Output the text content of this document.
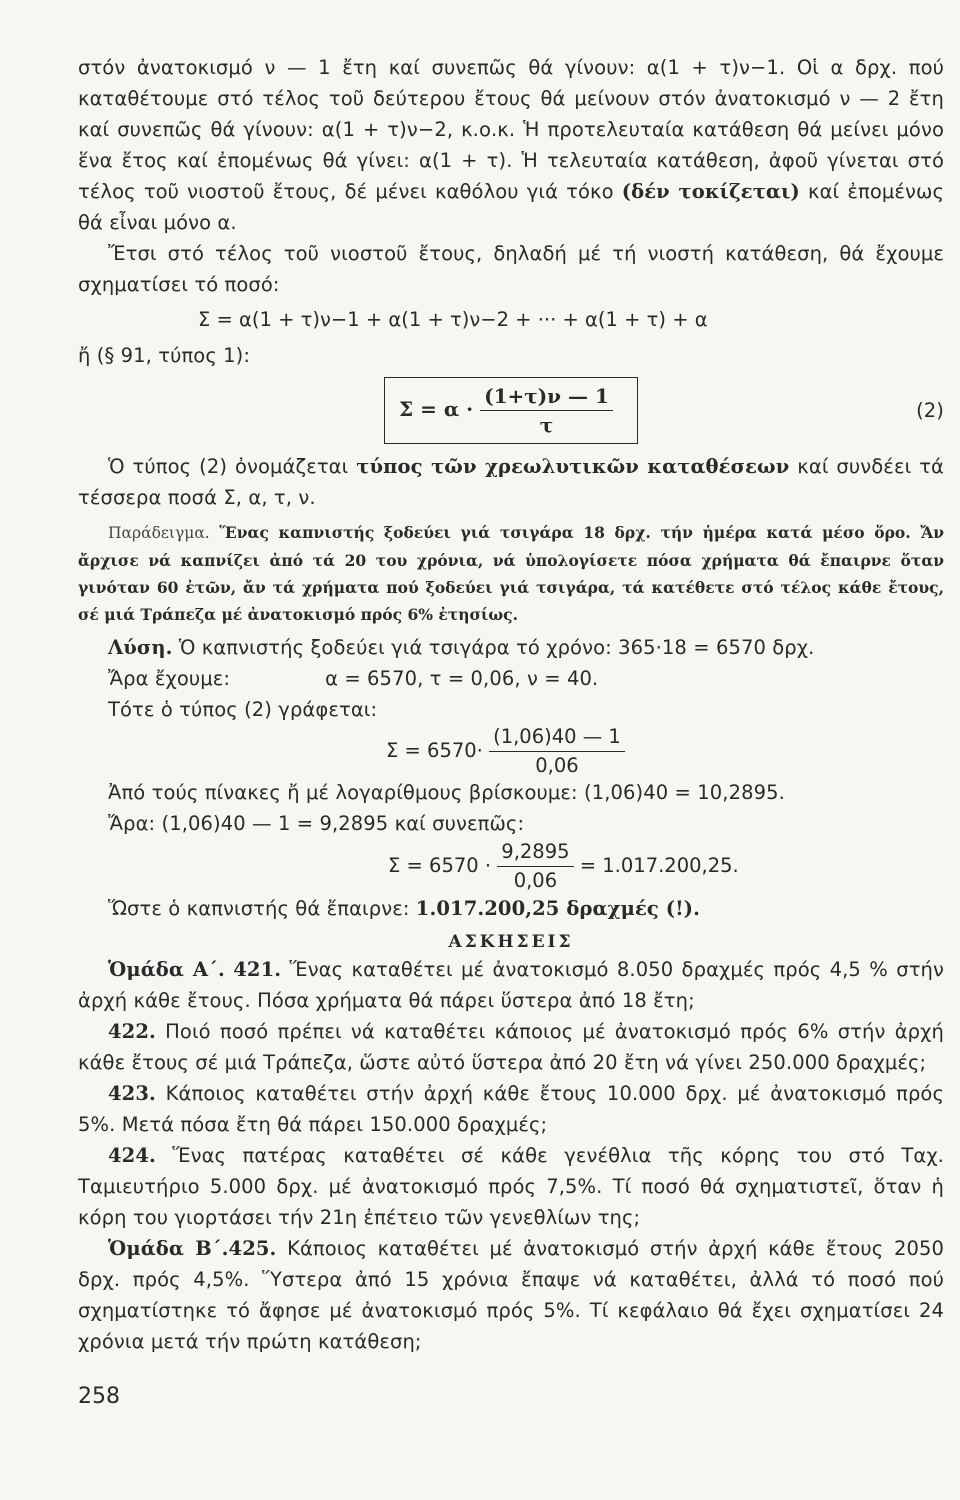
στόν ἀνατοκισμό ν — 1 ἔτη καί συνεπῶς θά γίνουν: α(1 + τ)ν−1. Οἱ α δρχ. πού καταθέτουμε στό τέλος τοῦ δεύτερου ἔτους θά μείνουν στόν ἀνατοκισμό ν — 2 ἔτη καί συνεπῶς θά γίνουν: α(1 + τ)ν−2, κ.ο.κ. Ἡ προτελευταία κατάθεση θά μείνει μόνο ἕνα ἔτος καί ἐπομένως θά γίνει: α(1 + τ). Ἡ τελευταία κατάθεση, ἀφοῦ γίνεται στό τέλος τοῦ νιοστοῦ ἔτους, δέ μένει καθόλου γιά τόκο (δέν τοκίζεται) καί ἐπομένως θά εἶναι μόνο α.

Ἔτσι στό τέλος τοῦ νιοστοῦ ἔτους, δηλαδή μέ τή νιοστή κατάθεση, θά ἔχουμε σχηματίσει τό ποσό:

Σ = α(1 + τ)ν−1 + α(1 + τ)ν−2 + ··· + α(1 + τ) + α

ἤ (§ 91, τύπος 1):

$\Sigma = \alpha \cdot \frac{(1+\tau)\nu — 1}{\tau}$	(2)

Ὁ τύπος (2) ὀνομάζεται τύπος τῶν χρεωλυτικῶν καταθέσεων καί συνδέει τά τέσσερα ποσά Σ, α, τ, ν.

Παράδειγμα. Ἕνας καπνιστής ξοδεύει γιά τσιγάρα 18 δρχ. τήν ἡμέρα κατά μέσο ὅρο. Ἄν ἄρχισε νά καπνίζει ἀπό τά 20 του χρόνια, νά ὑπολογίσετε πόσα χρήματα θά ἔπαιρνε ὅταν γινόταν 60 ἐτῶν, ἄν τά χρήματα πού ξοδεύει γιά τσιγάρα, τά κατέθετε στό τέλος κάθε ἔτους, σέ μιά Τράπεζα μέ ἀνατοκισμό πρός 6% ἐτησίως.

Λύση. Ὁ καπνιστής ξοδεύει γιά τσιγάρα τό χρόνο: 365·18 = 6570 δρχ.

Ἄρα ἔχουμε:	α = 6570, τ = 0,06, ν = 40.

Τότε ὁ τύπος (2) γράφεται:

$\Sigma = 6570\cdot \frac{(1,06)40 — 1}{0,06}$

Ἀπό τούς πίνακες ἤ μέ λογαρίθμους βρίσκουμε: (1,06)40 = 10,2895.

Ἄρα: (1,06)40 — 1 = 9,2895 καί συνεπῶς:

$\Sigma = 6570 \cdot \frac{9,2895}{0,06} = 1.017.200,25$.

Ὥστε ὁ καπνιστής θά ἔπαιρνε: 1.017.200,25 δραχμές (!).

ΑΣΚΗΣΕΙΣ

Ὁμάδα Α΄. 421. Ἕνας καταθέτει μέ ἀνατοκισμό 8.050 δραχμές πρός 4,5 % στήν ἀρχή κάθε ἔτους. Πόσα χρήματα θά πάρει ὕστερα ἀπό 18 ἔτη;

422. Ποιό ποσό πρέπει νά καταθέτει κάποιος μέ ἀνατοκισμό πρός 6% στήν ἀρχή κάθε ἔτους σέ μιά Τράπεζα, ὥστε αὐτό ὕστερα ἀπό 20 ἔτη νά γίνει 250.000 δραχμές;

423. Κάποιος καταθέτει στήν ἀρχή κάθε ἔτους 10.000 δρχ. μέ ἀνατοκισμό πρός 5%. Μετά πόσα ἔτη θά πάρει 150.000 δραχμές;

424. Ἕνας πατέρας καταθέτει σέ κάθε γενέθλια τῆς κόρης του στό Ταχ. Ταμιευτήριο 5.000 δρχ. μέ ἀνατοκισμό πρός 7,5%. Τί ποσό θά σχηματιστεῖ, ὅταν ἡ κόρη του γιορτάσει τήν 21η ἐπέτειο τῶν γενεθλίων της;

Ὁμάδα Β΄.425. Κάποιος καταθέτει μέ ἀνατοκισμό στήν ἀρχή κάθε ἔτους 2050 δρχ. πρός 4,5%. Ὕστερα ἀπό 15 χρόνια ἔπαψε νά καταθέτει, ἀλλά τό ποσό πού σχηματίστηκε τό ἄφησε μέ ἀνατοκισμό πρός 5%. Τί κεφάλαιο θά ἔχει σχηματίσει 24 χρόνια μετά τήν πρώτη κατάθεση;

258
